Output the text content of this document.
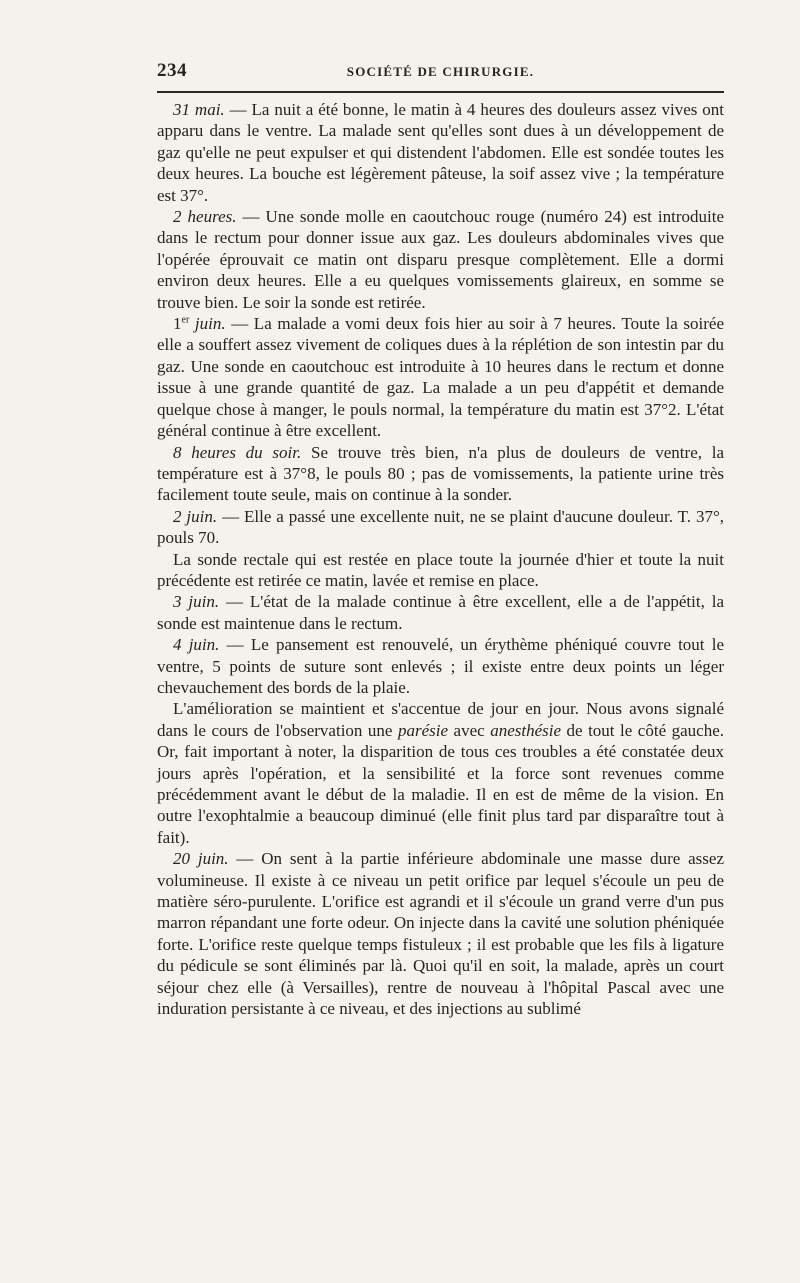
234	SOCIÉTÉ DE CHIRURGIE.

31 mai. — La nuit a été bonne, le matin à 4 heures des douleurs assez vives ont apparu dans le ventre. La malade sent qu'elles sont dues à un développement de gaz qu'elle ne peut expulser et qui distendent l'abdomen. Elle est sondée toutes les deux heures. La bouche est légèrement pâteuse, la soif assez vive ; la température est 37°.

2 heures. — Une sonde molle en caoutchouc rouge (numéro 24) est introduite dans le rectum pour donner issue aux gaz. Les douleurs abdominales vives que l'opérée éprouvait ce matin ont disparu presque complètement. Elle a dormi environ deux heures. Elle a eu quelques vomissements glaireux, en somme se trouve bien. Le soir la sonde est retirée.

1er juin. — La malade a vomi deux fois hier au soir à 7 heures. Toute la soirée elle a souffert assez vivement de coliques dues à la réplétion de son intestin par du gaz. Une sonde en caoutchouc est introduite à 10 heures dans le rectum et donne issue à une grande quantité de gaz. La malade a un peu d'appétit et demande quelque chose à manger, le pouls normal, la température du matin est 37°2. L'état général continue à être excellent.

8 heures du soir. Se trouve très bien, n'a plus de douleurs de ventre, la température est à 37°8, le pouls 80 ; pas de vomissements, la patiente urine très facilement toute seule, mais on continue à la sonder.

2 juin. — Elle a passé une excellente nuit, ne se plaint d'aucune douleur. T. 37°, pouls 70.

La sonde rectale qui est restée en place toute la journée d'hier et toute la nuit précédente est retirée ce matin, lavée et remise en place.

3 juin. — L'état de la malade continue à être excellent, elle a de l'appétit, la sonde est maintenue dans le rectum.

4 juin. — Le pansement est renouvelé, un érythème phéniqué couvre tout le ventre, 5 points de suture sont enlevés ; il existe entre deux points un léger chevauchement des bords de la plaie.

L'amélioration se maintient et s'accentue de jour en jour. Nous avons signalé dans le cours de l'observation une parésie avec anesthésie de tout le côté gauche. Or, fait important à noter, la disparition de tous ces troubles a été constatée deux jours après l'opération, et la sensibilité et la force sont revenues comme précédemment avant le début de la maladie. Il en est de même de la vision. En outre l'exophtalmie a beaucoup diminué (elle finit plus tard par disparaître tout à fait).

20 juin. — On sent à la partie inférieure abdominale une masse dure assez volumineuse. Il existe à ce niveau un petit orifice par lequel s'écoule un peu de matière séro-purulente. L'orifice est agrandi et il s'écoule un grand verre d'un pus marron répandant une forte odeur. On injecte dans la cavité une solution phéniquée forte. L'orifice reste quelque temps fistuleux ; il est probable que les fils à ligature du pédicule se sont éliminés par là. Quoi qu'il en soit, la malade, après un court séjour chez elle (à Versailles), rentre de nouveau à l'hôpital Pascal avec une induration persistante à ce niveau, et des injections au sublimé
